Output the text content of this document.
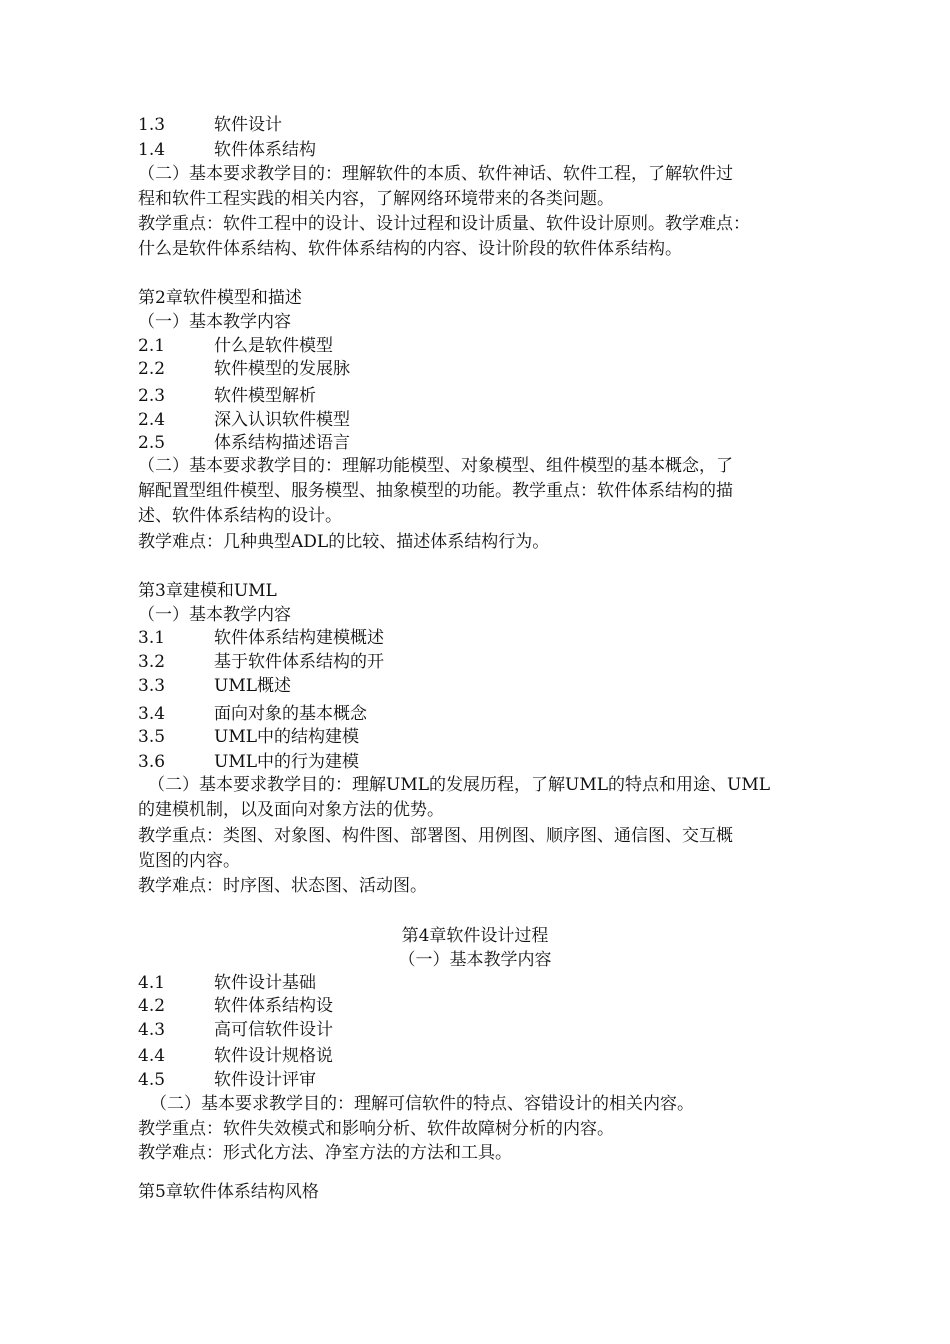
1.3	软件设计
1.4	软件体系结构
（二）基本要求教学目的：理解软件的本质、软件神话、软件工程，了解软件过
程和软件工程实践的相关内容，了解网络环境带来的各类问题。
教学重点：软件工程中的设计、设计过程和设计质量、软件设计原则。教学难点：
什么是软件体系结构、软件体系结构的内容、设计阶段的软件体系结构。
第2章软件模型和描述
（一）基本教学内容
2.1	什么是软件模型
2.2	软件模型的发展脉
2.3	软件模型解析
2.4	深入认识软件模型
2.5	体系结构描述语言
（二）基本要求教学目的：理解功能模型、对象模型、组件模型的基本概念，了
解配置型组件模型、服务模型、抽象模型的功能。教学重点：软件体系结构的描
述、软件体系结构的设计。
教学难点：几种典型ADL的比较、描述体系结构行为。
第3章建模和UML
（一）基本教学内容
3.1	软件体系结构建模概述
3.2	基于软件体系结构的开
3.3	UML概述
3.4	面向对象的基本概念
3.5	UML中的结构建模
3.6	UML中的行为建模
（二）基本要求教学目的：理解UML的发展历程，了解UML的特点和用途、UML
的建模机制，以及面向对象方法的优势。
教学重点：类图、对象图、构件图、部署图、用例图、顺序图、通信图、交互概
览图的内容。
教学难点：时序图、状态图、活动图。
第4章软件设计过程
（一）基本教学内容
4.1	软件设计基础
4.2	软件体系结构设
4.3	高可信软件设计
4.4	软件设计规格说
4.5	软件设计评审
（二）基本要求教学目的：理解可信软件的特点、容错设计的相关内容。
教学重点：软件失效模式和影响分析、软件故障树分析的内容。
教学难点：形式化方法、净室方法的方法和工具。
第5章软件体系结构风格
